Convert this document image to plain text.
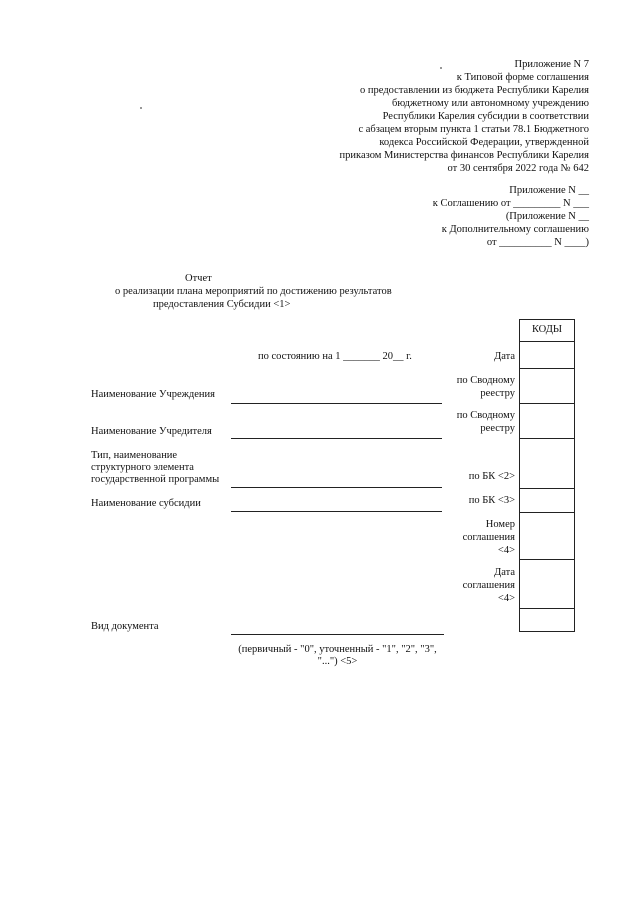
Приложение N 7
к Типовой форме соглашения
о предоставлении из бюджета Республики Карелия
бюджетному или автономному учреждению
Республики Карелия субсидии в соответствии
с абзацем вторым пункта 1 статьи 78.1 Бюджетного
кодекса Российской Федерации, утвержденной
приказом Министерства финансов Республики Карелия
от 30 сентября 2022 года № 642
Приложение N __
к Соглашению от _________ N ___
(Приложение N __
к Дополнительному соглашению
от __________ N ____)
Отчет
о реализации плана мероприятий по достижению результатов
предоставления Субсидии <1>
КОДЫ
по состоянию на 1 _______ 20__ г.	Дата
по Сводному
реестру
по Сводному
реестру
по БК <2>
по БК <3>
Номер
соглашения
<4>
Дата
соглашения
<4>
Наименование Учреждения
Наименование Учредителя
Тип, наименование
структурного элемента
государственной программы
Наименование субсидии
Вид документа
(первичный - "0", уточненный - "1", "2", "3",
"...") <5>
